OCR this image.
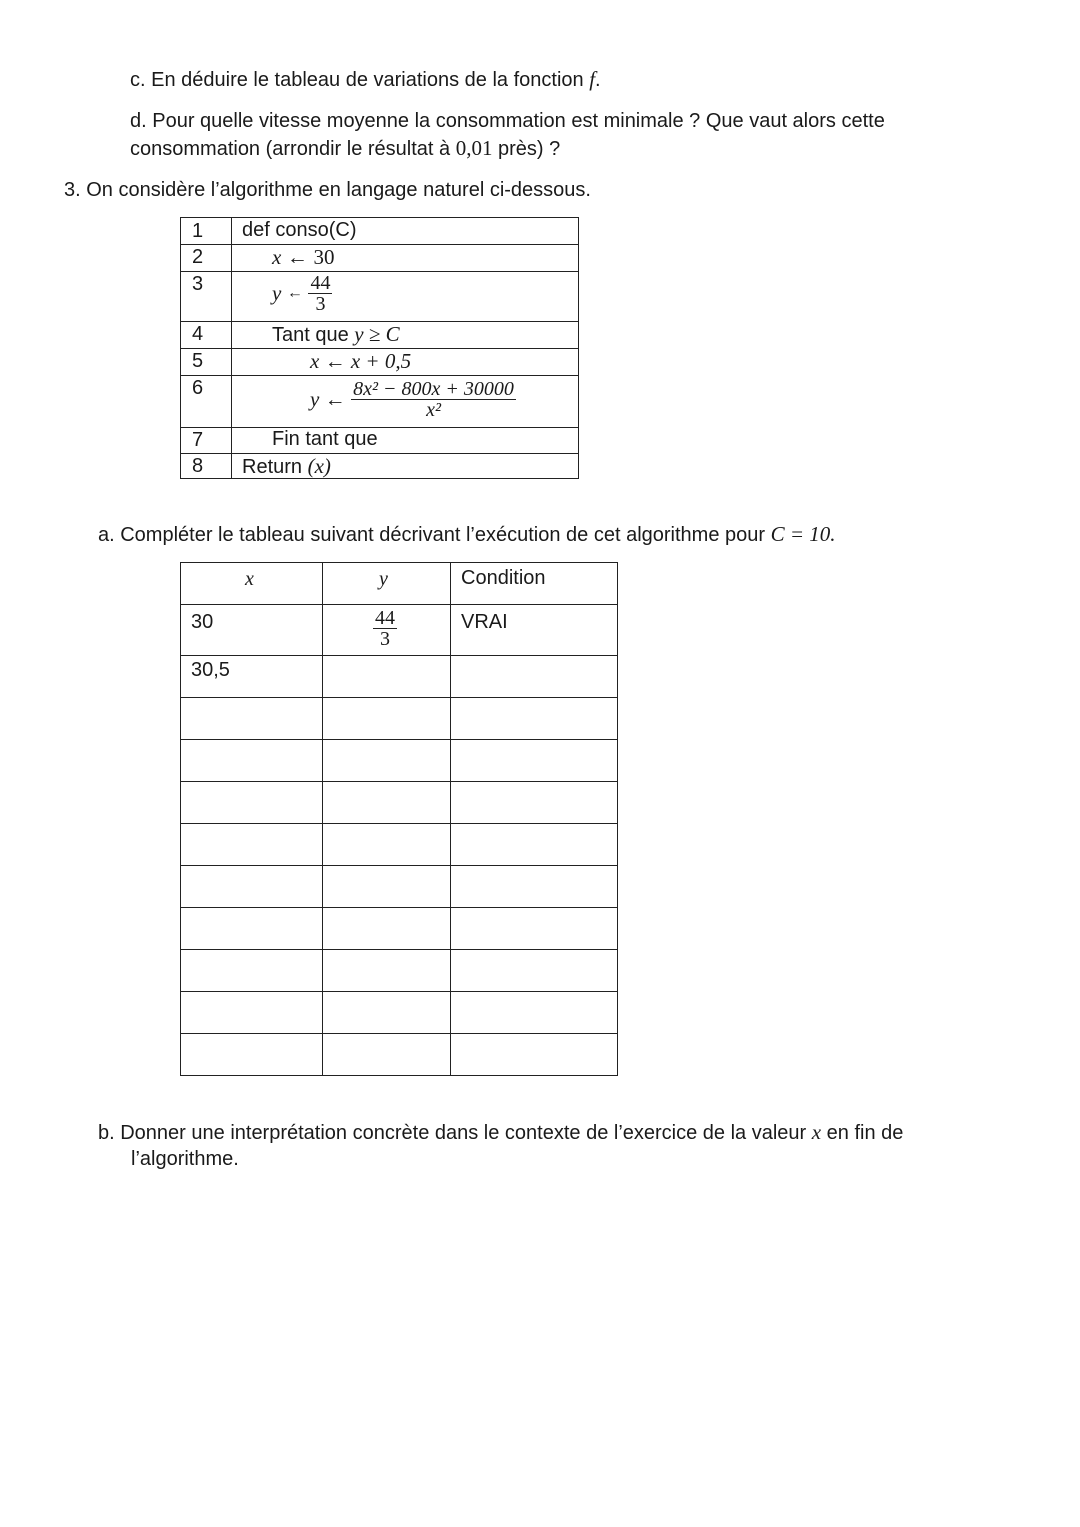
c. En déduire le tableau de variations de la fonction f.
d. Pour quelle vitesse moyenne la consommation est minimale ? Que vaut alors cette
consommation (arrondir le résultat à 0,01 près) ?
3. On considère l’algorithme en langage naturel ci-dessous.
1 def conso(C)
2	x ← 30
3	y ← $\frac{44}{3}$
4	Tant que y ≥ C
5	x ← x + 0,5
6	y ← $\frac{\text{8x² − 800x + 30000}}{\text{x²}}$
7	Fin tant que
8 Return (x)
a. Compléter le tableau suivant décrivant l’exécution de cet algorithme pour C = 10.
x	y	Condition
30	$\frac{44}{3}$	VRAI
30,5
b. Donner une interprétation concrète dans le contexte de l’exercice de la valeur x en fin de
l’algorithme.
